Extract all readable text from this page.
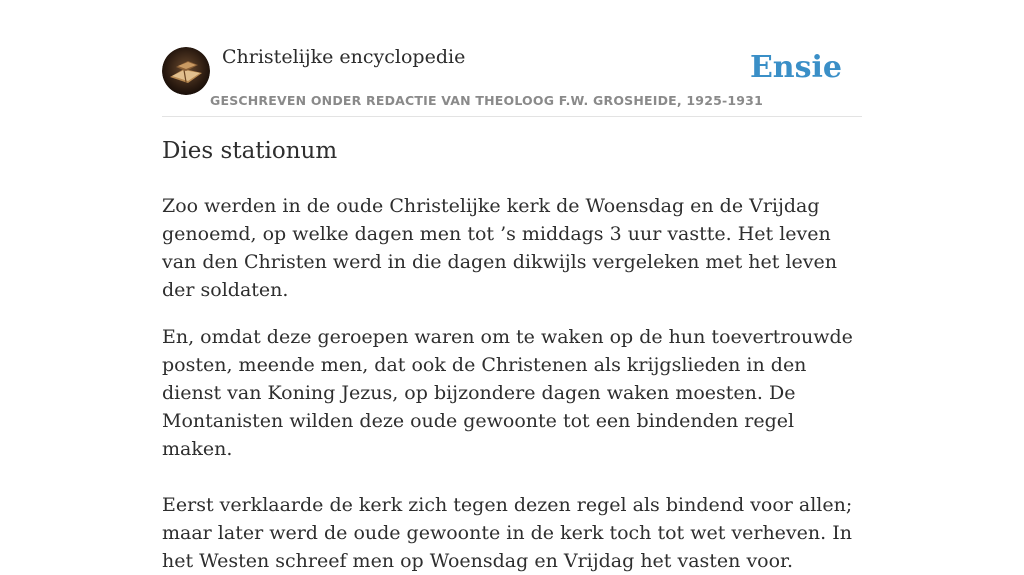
Christelijke encyclopedie
GESCHREVEN ONDER REDACTIE VAN THEOLOOG F.W. GROSHEIDE, 1925-1931
Ensie
Dies stationum

Zoo werden in de oude Christelijke kerk de Woensdag en de Vrijdag genoemd, op welke dagen men tot ’s middags 3 uur vastte. Het leven van den Christen werd in die dagen dikwijls vergeleken met het leven der soldaten.

En, omdat deze geroepen waren om te waken op de hun toevertrouwde posten, meende men, dat ook de Christenen als krijgslieden in den dienst van Koning Jezus, op bijzondere dagen waken moesten. De Montanisten wilden deze oude gewoonte tot een bindenden regel maken.

Eerst verklaarde de kerk zich tegen dezen regel als bindend voor allen; maar later werd de oude gewoonte in de kerk toch tot wet verheven. In het Westen schreef men op Woensdag en Vrijdag het vasten voor.
